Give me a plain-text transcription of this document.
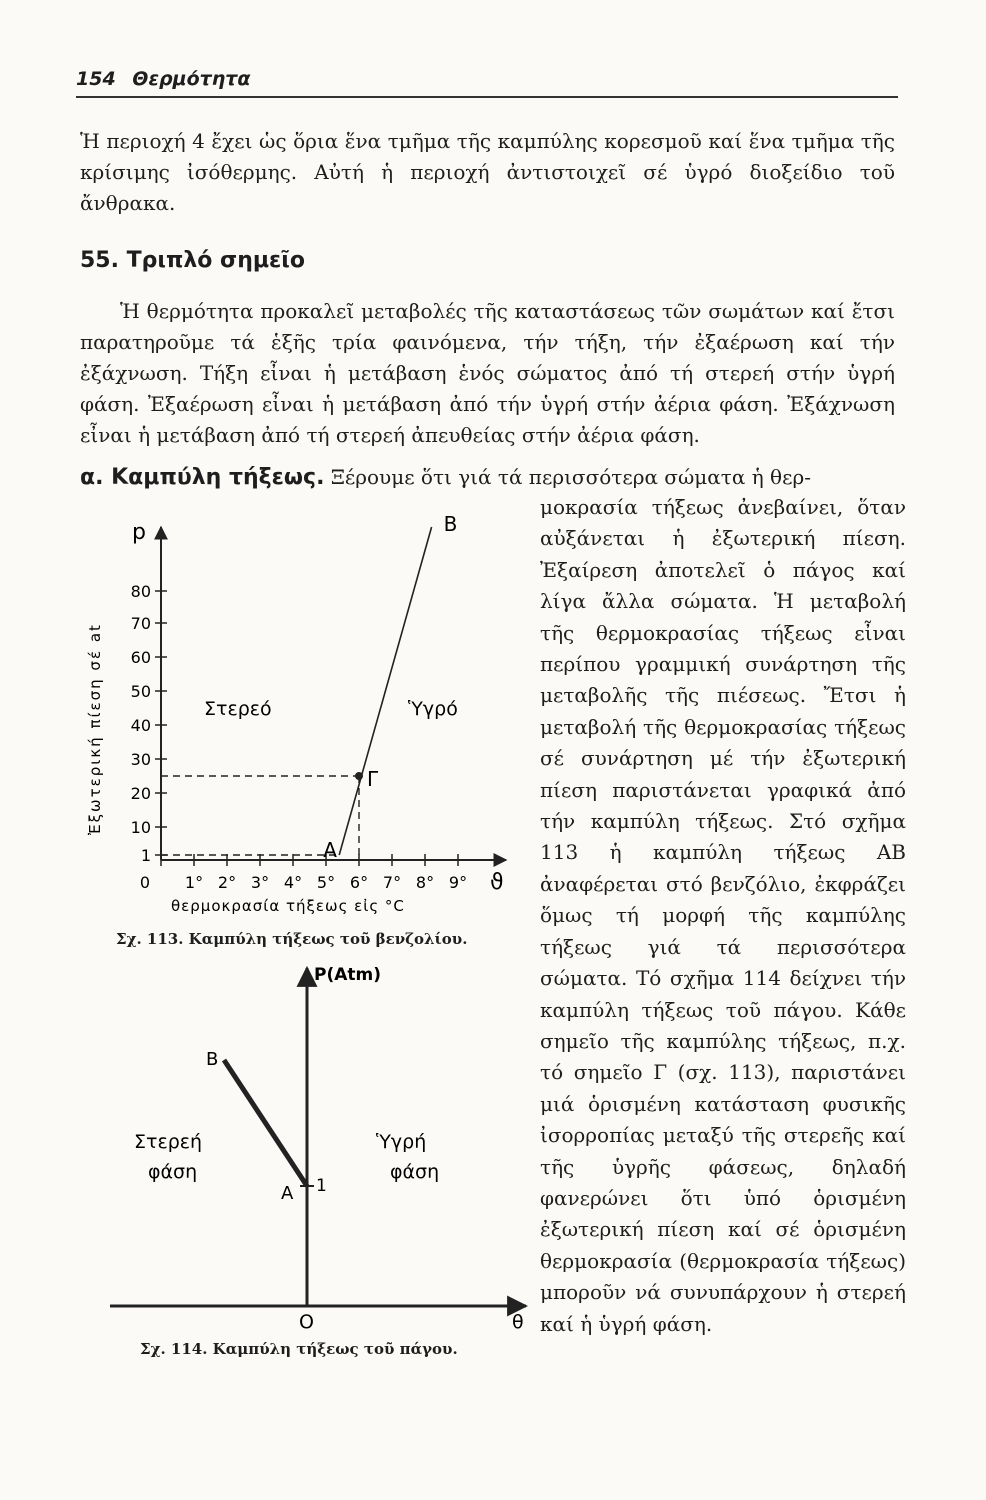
154 Θερμότητα
Ἡ περιοχή 4 ἔχει ὡς ὅρια ἕνα τμῆμα τῆς καμπύλης κορεσμοῦ καί ἕνα τμῆμα τῆς κρίσιμης ἰσόθερμης. Αὐτή ἡ περιοχή ἀντιστοιχεῖ σέ ὑγρό διοξείδιο τοῦ ἄνθρακα.
55. Τριπλό σημεῖο
Ἡ θερμότητα προκαλεῖ μεταβολές τῆς καταστάσεως τῶν σωμάτων καί ἔτσι παρατηροῦμε τά ἑξῆς τρία φαινόμενα, τήν τήξη, τήν ἐξαέρωση καί τήν ἐξάχνωση. Τήξη εἶναι ἡ μετάβαση ἑνός σώματος ἀπό τή στερεή στήν ὑγρή φάση. Ἐξαέρωση εἶναι ἡ μετάβαση ἀπό τήν ὑγρή στήν ἀέρια φάση. Ἐξάχνωση εἶναι ἡ μετάβαση ἀπό τή στερεή ἀπευθείας στήν ἀέρια φάση.
α. Καμπύλη τήξεως. Ξέρουμε ὅτι γιά τά περισσότερα σώματα ἡ θερ-
μοκρασία τήξεως ἀνεβαίνει, ὅταν αὐξάνεται ἡ ἐξωτερική πίεση. Ἐξαίρεση ἀποτελεῖ ὁ πάγος καί λίγα ἄλλα σώματα. Ἡ μεταβολή τῆς θερμοκρασίας τήξεως εἶναι περίπου γραμμική συνάρτηση τῆς μεταβολῆς τῆς πιέσεως. Ἔτσι ἡ μεταβολή τῆς θερμοκρασίας τήξεως σέ συνάρτηση μέ τήν ἐξωτερική πίεση παριστάνεται γραφικά ἀπό τήν καμπύλη τήξεως. Στό σχῆμα 113 ἡ καμπύλη τήξεως ΑΒ ἀναφέρεται στό βενζόλιο, ἐκφράζει ὅμως τή μορφή τῆς καμπύλης τήξεως γιά τά περισσότερα σώματα. Τό σχῆμα 114 δείχνει τήν καμπύλη τήξεως τοῦ πάγου. Κάθε σημεῖο τῆς καμπύλης τήξεως, π.χ. τό σημεῖο Γ (σχ. 113), παριστάνει μιά ὁρισμένη κατάσταση φυσικῆς ἰσορροπίας μεταξύ τῆς στερεῆς καί τῆς ὑγρῆς φάσεως, δηλαδή φανερώνει ὅτι ὑπό ὁρισμένη ἐξωτερική πίεση καί σέ ὁρισμένη θερμοκρασία (θερμοκρασία τήξεως) μποροῦν νά συνυπάρχουν ἡ στερεή καί ἡ ὑγρή φάση.
0 1° 2° 3° 4° 5° 6° 7° 8° 9°
1
10
20
30
40
50
60
70
80
Α
Γ
Β
p
ϑ
θερμοκρασία τήξεως εἰς °C
Ἐξωτερική πίεση σέ at	Στερεό	Ὑγρό
Σχ. 113. Καμπύλη τήξεως τοῦ βενζολίου.
P(Atm)
θ
Ο
Α 1
Β
Στερεή φάση
Ὑγρή φάση
Σχ. 114. Καμπύλη τήξεως τοῦ πάγου.
